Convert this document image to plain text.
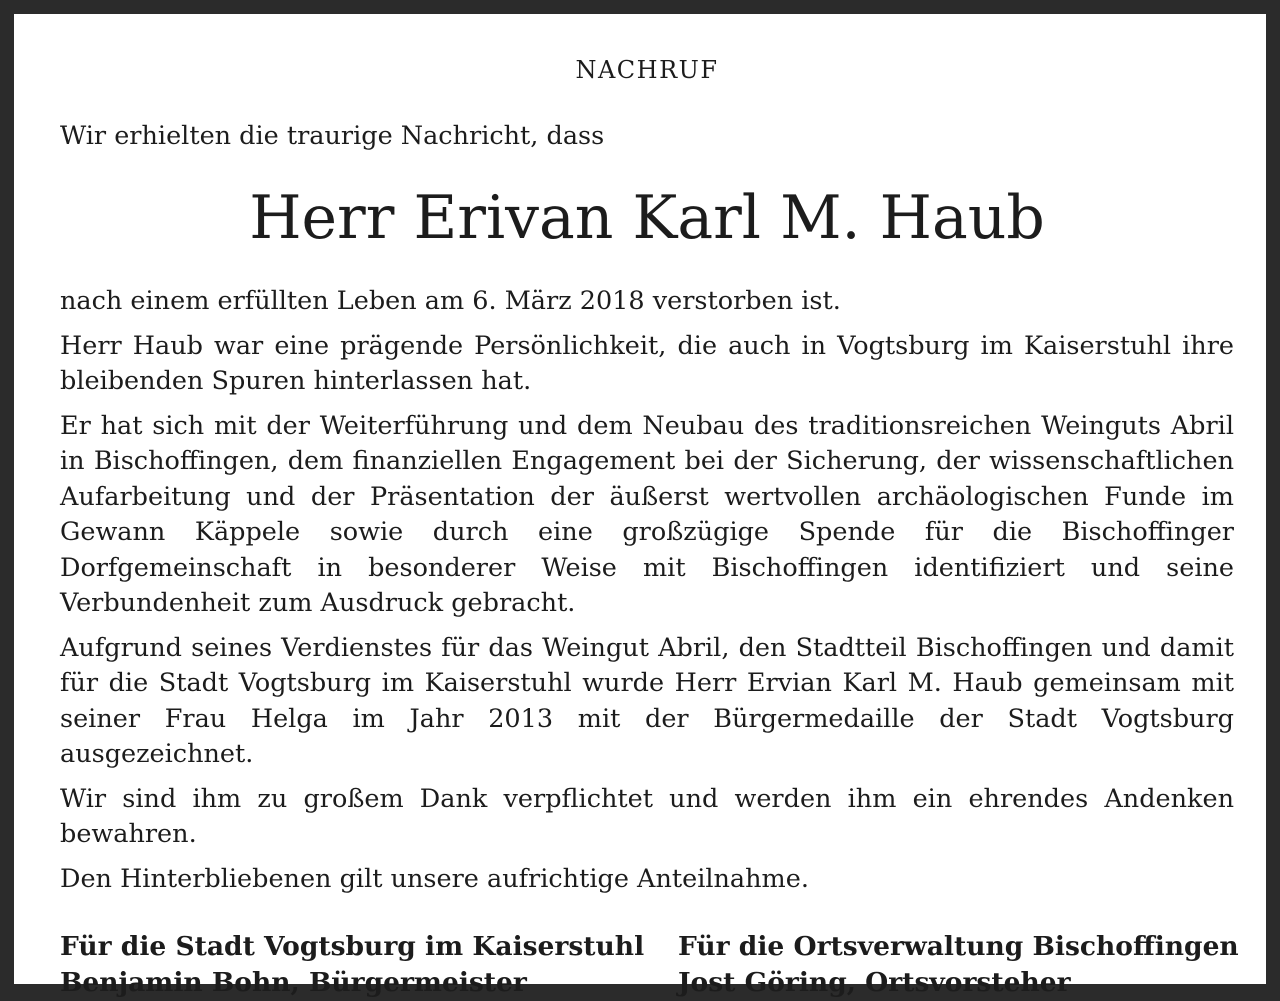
NACHRUF

Wir erhielten die traurige Nachricht, dass

Herr Erivan Karl M. Haub

nach einem erfüllten Leben am 6. März 2018 verstorben ist.

Herr Haub war eine prägende Persönlichkeit, die auch in Vogtsburg im Kaiserstuhl ihre bleibenden Spuren hinterlassen hat.

Er hat sich mit der Weiterführung und dem Neubau des traditionsreichen Weinguts Abril in Bischoffingen, dem finanziellen Engagement bei der Sicherung, der wissenschaftlichen Aufarbeitung und der Präsentation der äußerst wertvollen archäologischen Funde im Gewann Käppele sowie durch eine großzügige Spende für die Bischoffinger Dorfgemeinschaft in besonderer Weise mit Bischoffingen identifiziert und seine Verbundenheit zum Ausdruck gebracht.

Aufgrund seines Verdienstes für das Weingut Abril, den Stadtteil Bischoffingen und damit für die Stadt Vogtsburg im Kaiserstuhl wurde Herr Ervian Karl M. Haub gemeinsam mit seiner Frau Helga im Jahr 2013 mit der Bürgermedaille der Stadt Vogtsburg ausgezeichnet.

Wir sind ihm zu großem Dank verpflichtet und werden ihm ein ehrendes Andenken bewahren.

Den Hinterbliebenen gilt unsere aufrichtige Anteilnahme.

Für die Stadt Vogtsburg im Kaiserstuhl
Benjamin Bohn, Bürgermeister
Für die Ortsverwaltung Bischoffingen
Jost Göring, Ortsvorsteher
